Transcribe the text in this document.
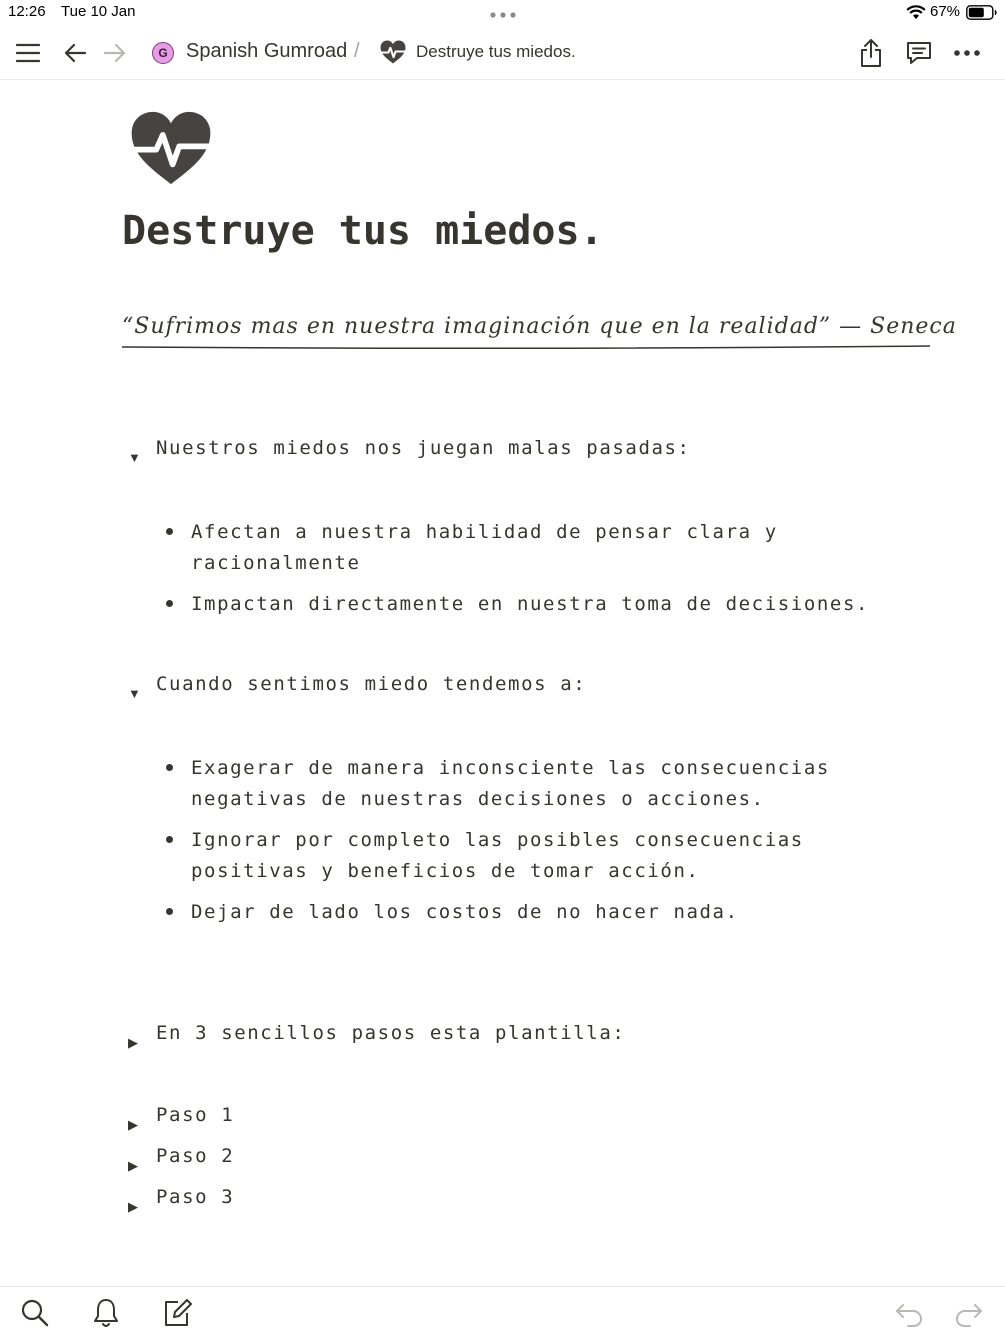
12:26 Tue 10 Jan	67%
G Spanish Gumroad /	Destruye tus miedos.
Destruye tus miedos.
“Sufrimos mas en nuestra imaginación que en la realidad” — Seneca
▼ Nuestros miedos nos juegan malas pasadas:
Afectan a nuestra habilidad de pensar clara y
racionalmente
Impactan directamente en nuestra toma de decisiones.
▼ Cuando sentimos miedo tendemos a:
Exagerar de manera inconsciente las consecuencias
negativas de nuestras decisiones o acciones.
Ignorar por completo las posibles consecuencias
positivas y beneficios de tomar acción.
Dejar de lado los costos de no hacer nada.
▶ En 3 sencillos pasos esta plantilla:
▶ Paso 1
▶ Paso 2
▶ Paso 3
